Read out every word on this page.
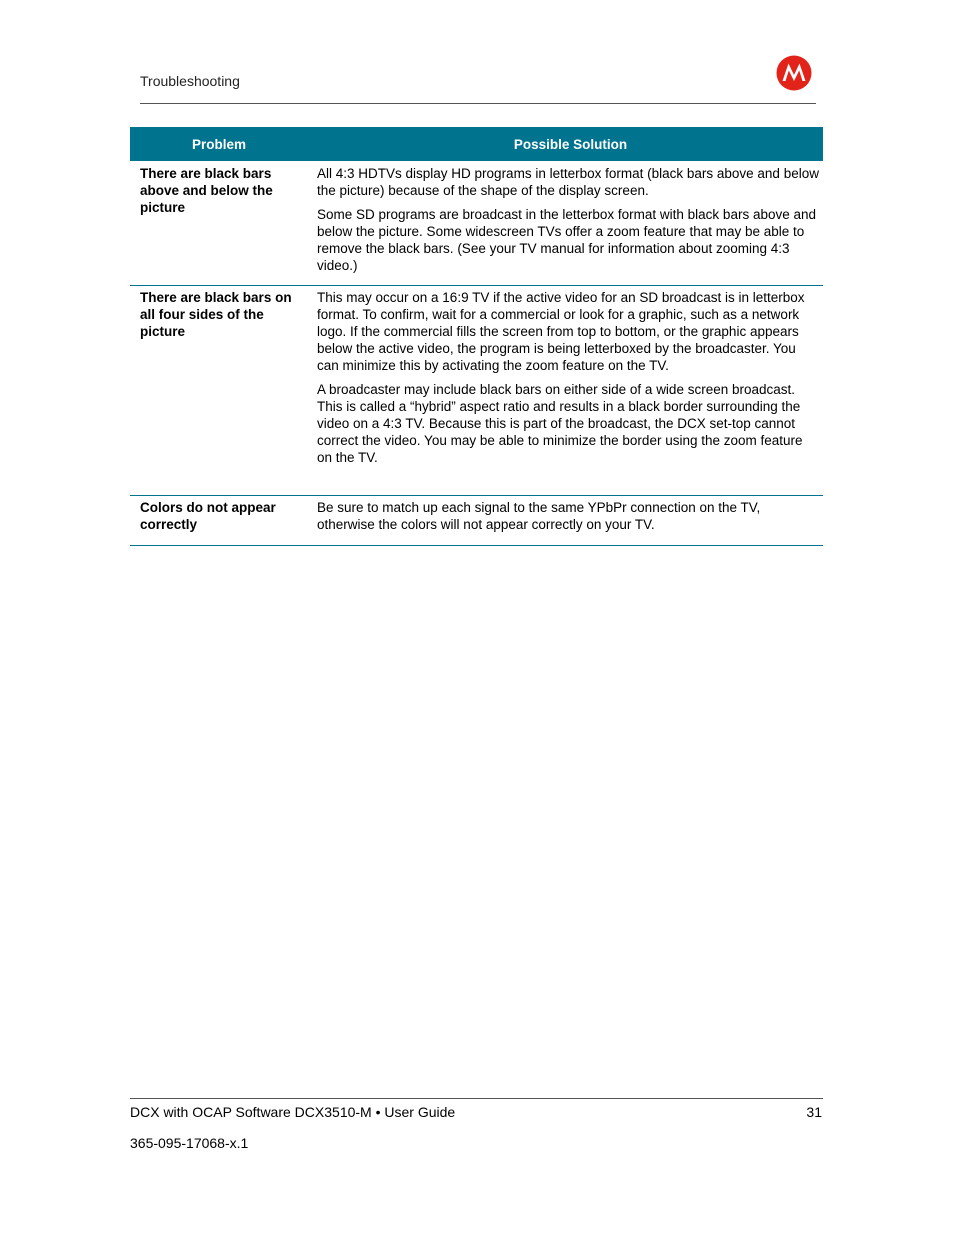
Troubleshooting
Problem	Possible Solution
There are black bars above and below the picture

All 4:3 HDTVs display HD programs in letterbox format (black bars above and below the picture) because of the shape of the display screen.

Some SD programs are broadcast in the letterbox format with black bars above and below the picture. Some widescreen TVs offer a zoom feature that may be able to remove the black bars. (See your TV manual for information about zooming 4:3 video.)

There are black bars on all four sides of the picture

This may occur on a 16:9 TV if the active video for an SD broadcast is in letterbox format. To confirm, wait for a commercial or look for a graphic, such as a network logo. If the commercial fills the screen from top to bottom, or the graphic appears below the active video, the program is being letterboxed by the broadcaster. You can minimize this by activating the zoom feature on the TV.

A broadcaster may include black bars on either side of a wide screen broadcast. This is called a “hybrid” aspect ratio and results in a black border surrounding the video on a 4:3 TV. Because this is part of the broadcast, the DCX set-top cannot correct the video. You may be able to minimize the border using the zoom feature on the TV.

Colors do not appear correctly

Be sure to match up each signal to the same YPbPr connection on the TV, otherwise the colors will not appear correctly on your TV.

DCX with OCAP Software DCX3510-M • User Guide	31
365-095-17068-x.1
